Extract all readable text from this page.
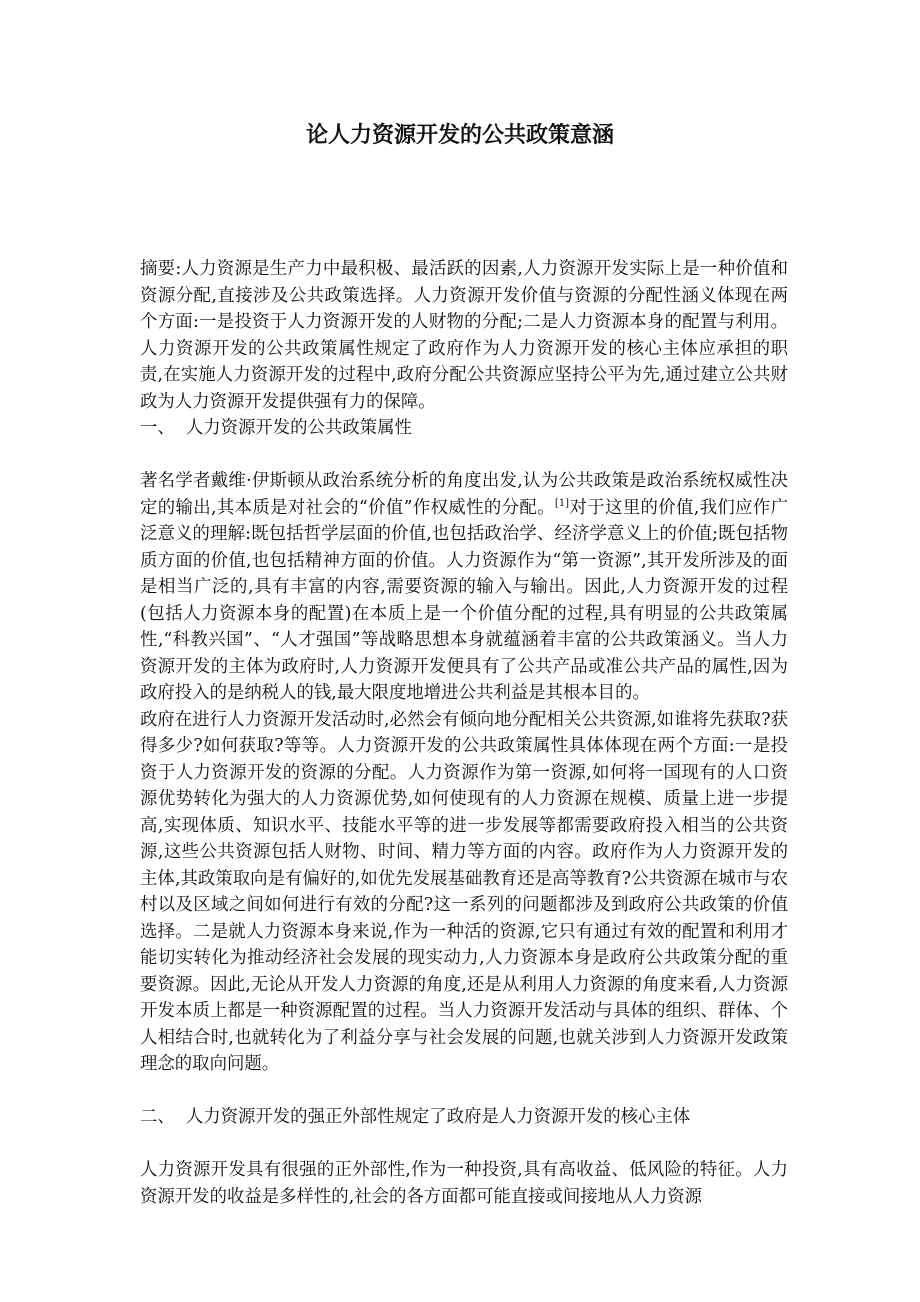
论人力资源开发的公共政策意涵

摘要:人力资源是生产力中最积极、最活跃的因素,人力资源开发实际上是一种价值和资源分配,直接涉及公共政策选择。人力资源开发价值与资源的分配性涵义体现在两个方面:一是投资于人力资源开发的人财物的分配;二是人力资源本身的配置与利用。人力资源开发的公共政策属性规定了政府作为人力资源开发的核心主体应承担的职责,在实施人力资源开发的过程中,政府分配公共资源应坚持公平为先,通过建立公共财政为人力资源开发提供强有力的保障。

一、  人力资源开发的公共政策属性

著名学者戴维·伊斯顿从政治系统分析的角度出发,认为公共政策是政治系统权威性决定的输出,其本质是对社会的“价值”作权威性的分配。[1]对于这里的价值,我们应作广泛意义的理解:既包括哲学层面的价值,也包括政治学、经济学意义上的价值;既包括物质方面的价值,也包括精神方面的价值。人力资源作为“第一资源”,其开发所涉及的面是相当广泛的,具有丰富的内容,需要资源的输入与输出。因此,人力资源开发的过程(包括人力资源本身的配置)在本质上是一个价值分配的过程,具有明显的公共政策属性,“科教兴国”、“人才强国”等战略思想本身就蕴涵着丰富的公共政策涵义。当人力资源开发的主体为政府时,人力资源开发便具有了公共产品或准公共产品的属性,因为政府投入的是纳税人的钱,最大限度地增进公共利益是其根本目的。

政府在进行人力资源开发活动时,必然会有倾向地分配相关公共资源,如谁将先获取?获得多少?如何获取?等等。人力资源开发的公共政策属性具体体现在两个方面:一是投资于人力资源开发的资源的分配。人力资源作为第一资源,如何将一国现有的人口资源优势转化为强大的人力资源优势,如何使现有的人力资源在规模、质量上进一步提高,实现体质、知识水平、技能水平等的进一步发展等都需要政府投入相当的公共资源,这些公共资源包括人财物、时间、精力等方面的内容。政府作为人力资源开发的主体,其政策取向是有偏好的,如优先发展基础教育还是高等教育?公共资源在城市与农村以及区域之间如何进行有效的分配?这一系列的问题都涉及到政府公共政策的价值选择。二是就人力资源本身来说,作为一种活的资源,它只有通过有效的配置和利用才能切实转化为推动经济社会发展的现实动力,人力资源本身是政府公共政策分配的重要资源。因此,无论从开发人力资源的角度,还是从利用人力资源的角度来看,人力资源开发本质上都是一种资源配置的过程。当人力资源开发活动与具体的组织、群体、个人相结合时,也就转化为了利益分享与社会发展的问题,也就关涉到人力资源开发政策理念的取向问题。

二、  人力资源开发的强正外部性规定了政府是人力资源开发的核心主体

人力资源开发具有很强的正外部性,作为一种投资,具有高收益、低风险的特征。人力资源开发的收益是多样性的,社会的各方面都可能直接或间接地从人力资源
